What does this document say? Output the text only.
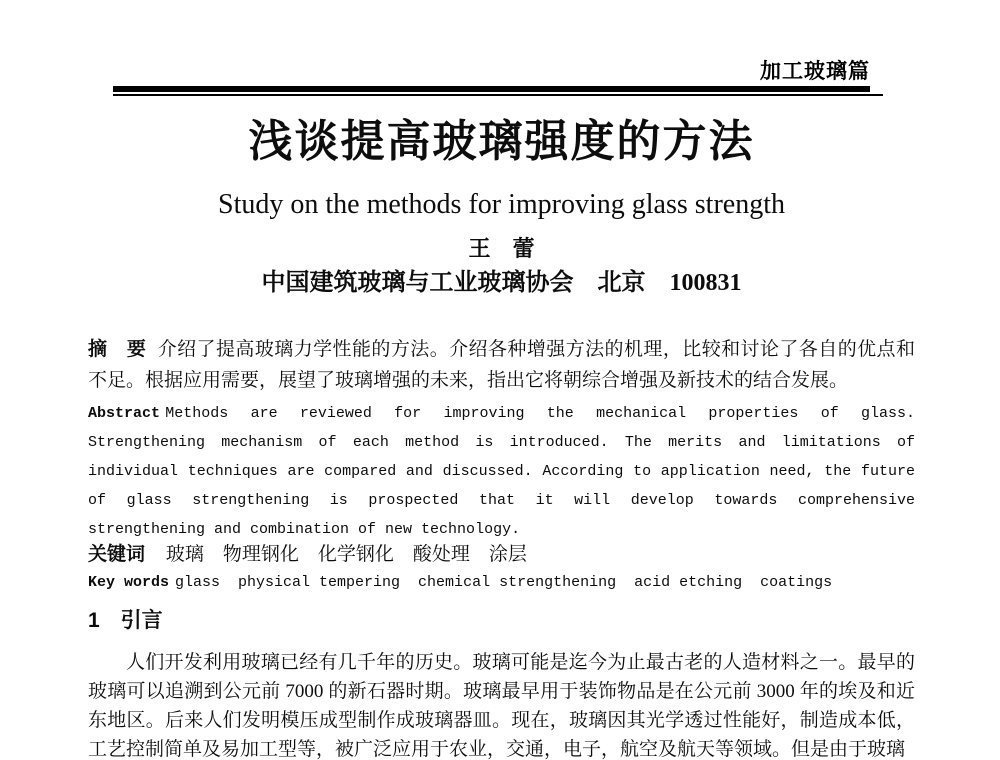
加工玻璃篇
浅谈提高玻璃强度的方法
Study on the methods for improving glass strength
王　蕾
中国建筑玻璃与工业玻璃协会　北京　100831
摘　要 介绍了提高玻璃力学性能的方法。介绍各种增强方法的机理，比较和讨论了各自的优点和不足。根据应用需要，展望了玻璃增强的未来，指出它将朝综合增强及新技术的结合发展。
Abstract Methods are reviewed for improving the mechanical properties of glass. Strengthening mechanism of each method is introduced. The merits and limitations of individual techniques are compared and discussed. According to application need, the future of glass strengthening is prospected that it will develop towards comprehensive strengthening and combination of new technology.
关键词 玻璃　物理钢化　化学钢化　酸处理　涂层
Key words glass  physical tempering  chemical strengthening  acid etching  coatings
1　引言
人们开发利用玻璃已经有几千年的历史。玻璃可能是迄今为止最古老的人造材料之一。最早的玻璃可以追溯到公元前 7000 的新石器时期。玻璃最早用于装饰物品是在公元前 3000 年的埃及和近东地区。后来人们发明模压成型制作成玻璃器皿。现在，玻璃因其光学透过性能好，制造成本低，工艺控制简单及易加工型等，被广泛应用于农业，交通，电子，航空及航天等领域。但是由于玻璃
